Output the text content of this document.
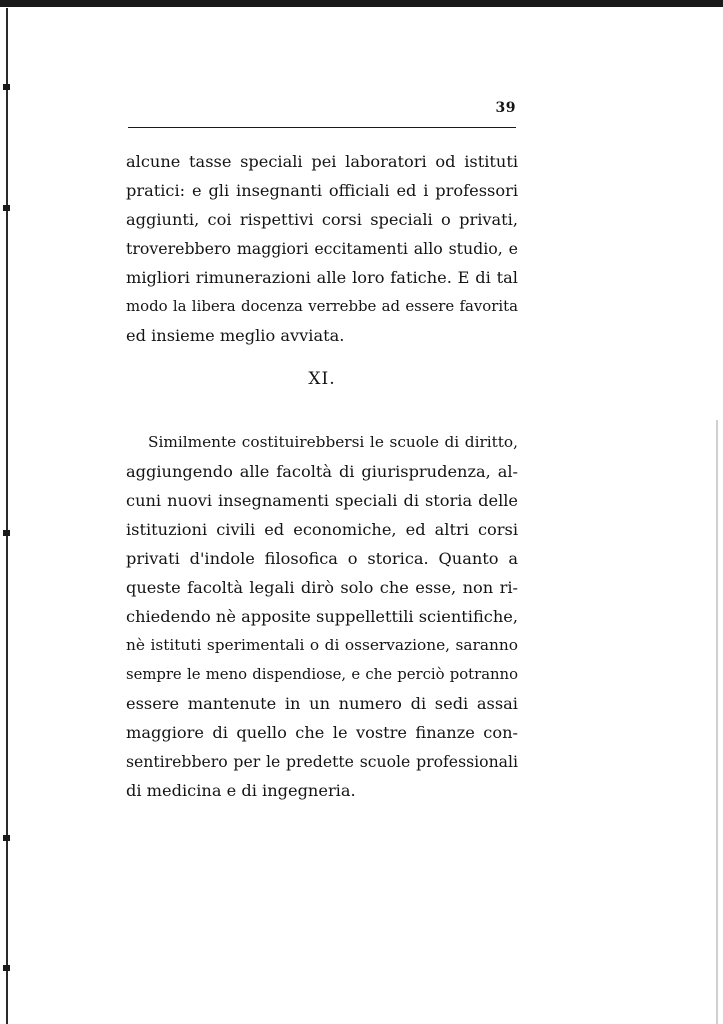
39
alcune tasse speciali pei laboratori od istituti
pratici: e gli insegnanti officiali ed i professori
aggiunti, coi rispettivi corsi speciali o privati,
troverebbero maggiori eccitamenti allo studio, e
migliori rimunerazioni alle loro fatiche. E di tal
modo la libera docenza verrebbe ad essere favorita
ed insieme meglio avviata.
XI.
Similmente costituirebbersi le scuole di diritto,
aggiungendo alle facoltà di giurisprudenza, al-
cuni nuovi insegnamenti speciali di storia delle
istituzioni civili ed economiche, ed altri corsi
privati d'indole filosofica o storica. Quanto a
queste facoltà legali dirò solo che esse, non ri-
chiedendo nè apposite suppellettili scientifiche,
nè istituti sperimentali o di osservazione, saranno
sempre le meno dispendiose, e che perciò potranno
essere mantenute in un numero di sedi assai
maggiore di quello che le vostre finanze con-
sentirebbero per le predette scuole professionali
di medicina e di ingegneria.
